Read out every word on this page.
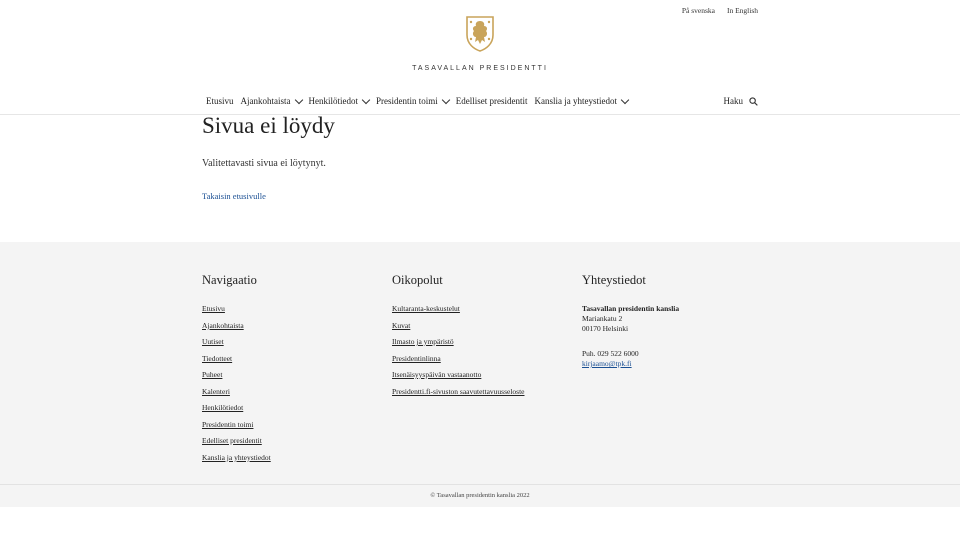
På svenska In English
TASAVALLAN PRESIDENTTI
Etusivu Ajankohtaista Henkilötiedot Presidentin toimi Edelliset presidentit Kanslia ja yhteystiedot	Haku
Sivua ei löydy

Valitettavasti sivua ei löytynyt.

Takaisin etusivulle
Navigaatio
Etusivu
Ajankohtaista
Uutiset
Tiedotteet
Puheet
Kalenteri
Henkilötiedot
Presidentin toimi
Edelliset presidentit
Kanslia ja yhteystiedot
Oikopolut
Kultaranta-keskustelut
Kuvat
Ilmasto ja ympäristö
Presidentinlinna
Itsenäisyyspäivän vastaanotto
Presidentti.fi-sivuston saavutettavuusseloste
Yhteystiedot
Tasavallan presidentin kanslia
Mariankatu 2
00170 Helsinki
Puh. 029 522 6000
kirjaamo@tpk.fi
© Tasavallan presidentin kanslia 2022
